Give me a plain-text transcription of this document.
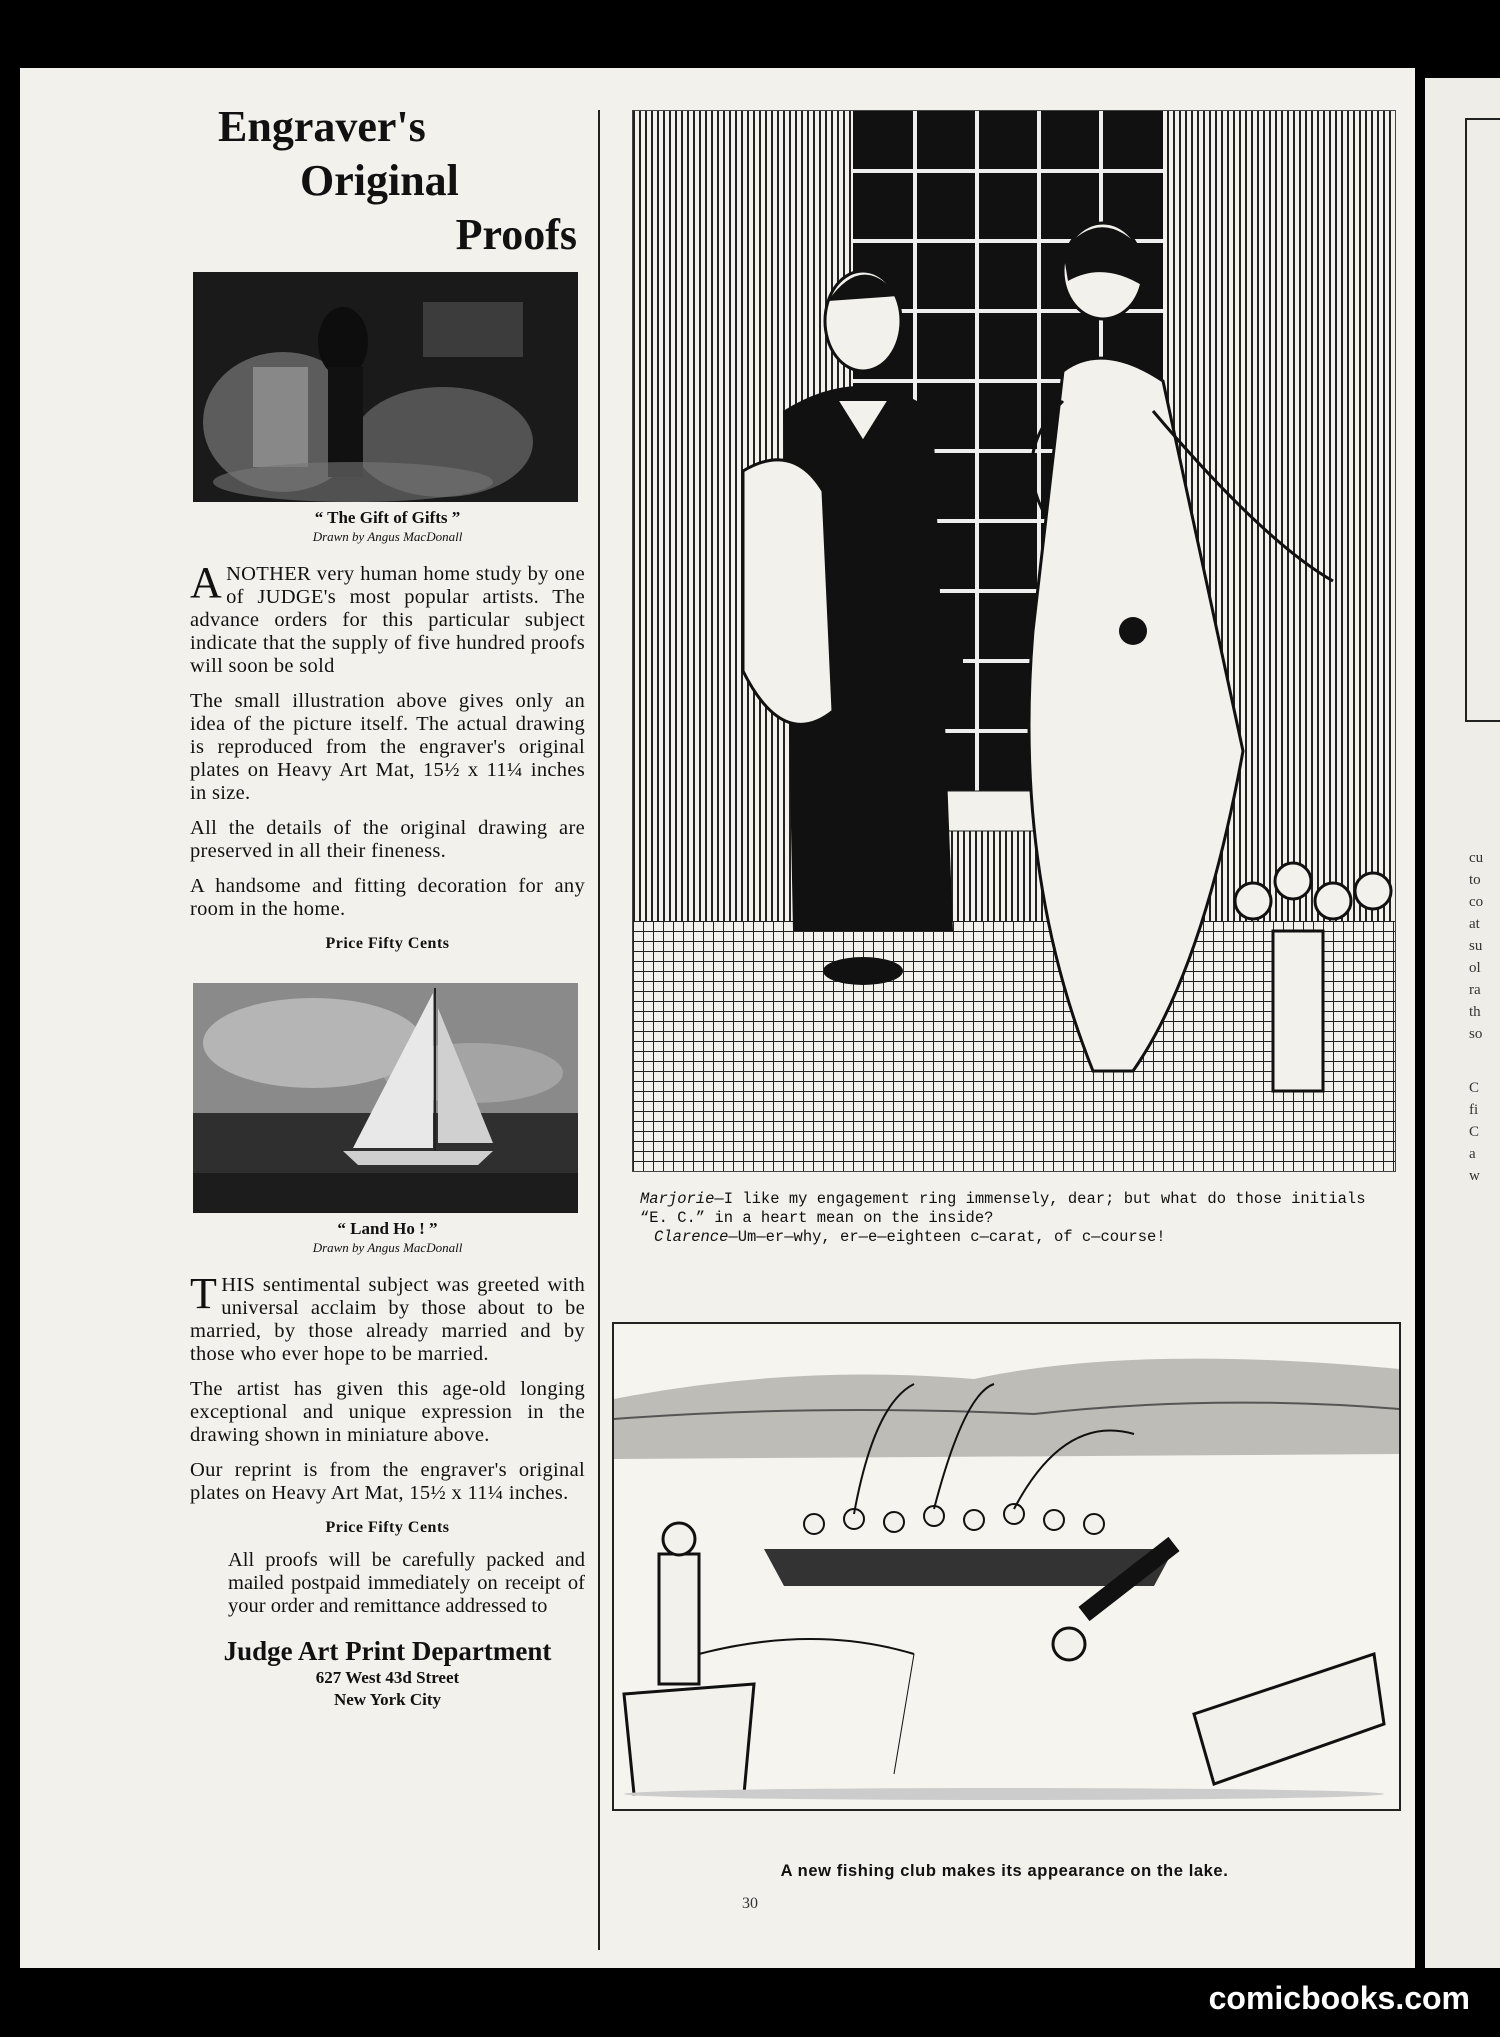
cu
to
co
at
su
ol
ra
th
so
C
fi
C
a
w
Engraver's
Original
Proofs
“ The Gift of Gifts ”
Drawn by Angus MacDonall

ANOTHER very human home study by one of JUDGE's most popular artists. The advance orders for this particular subject indicate that the supply of five hundred proofs will soon be sold

The small illustration above gives only an idea of the picture itself. The actual drawing is reproduced from the engraver's original plates on Heavy Art Mat, 15½ x 11¼ inches in size.

All the details of the original drawing are preserved in all their fineness.

A handsome and fitting decoration for any room in the home.

Price Fifty Cents
“ Land Ho ! ”
Drawn by Angus MacDonall

THIS sentimental subject was greeted with universal acclaim by those about to be married, by those already married and by those who ever hope to be married.

The artist has given this age-old longing exceptional and unique expression in the drawing shown in miniature above.

Our reprint is from the engraver's original plates on Heavy Art Mat, 15½ x 11¼ inches.

Price Fifty Cents

All proofs will be carefully packed and mailed postpaid immediately on receipt of your order and remittance addressed to

Judge Art Print Department
627 West 43d Street
New York City
Marjorie—I like my engagement ring immensely, dear; but what do those initials “E. C.” in a heart mean on the inside?
Clarence—Um—er—why, er—e—eighteen c—carat, of c—course!
A new fishing club makes its appearance on the lake.
30
comicbooks.com
